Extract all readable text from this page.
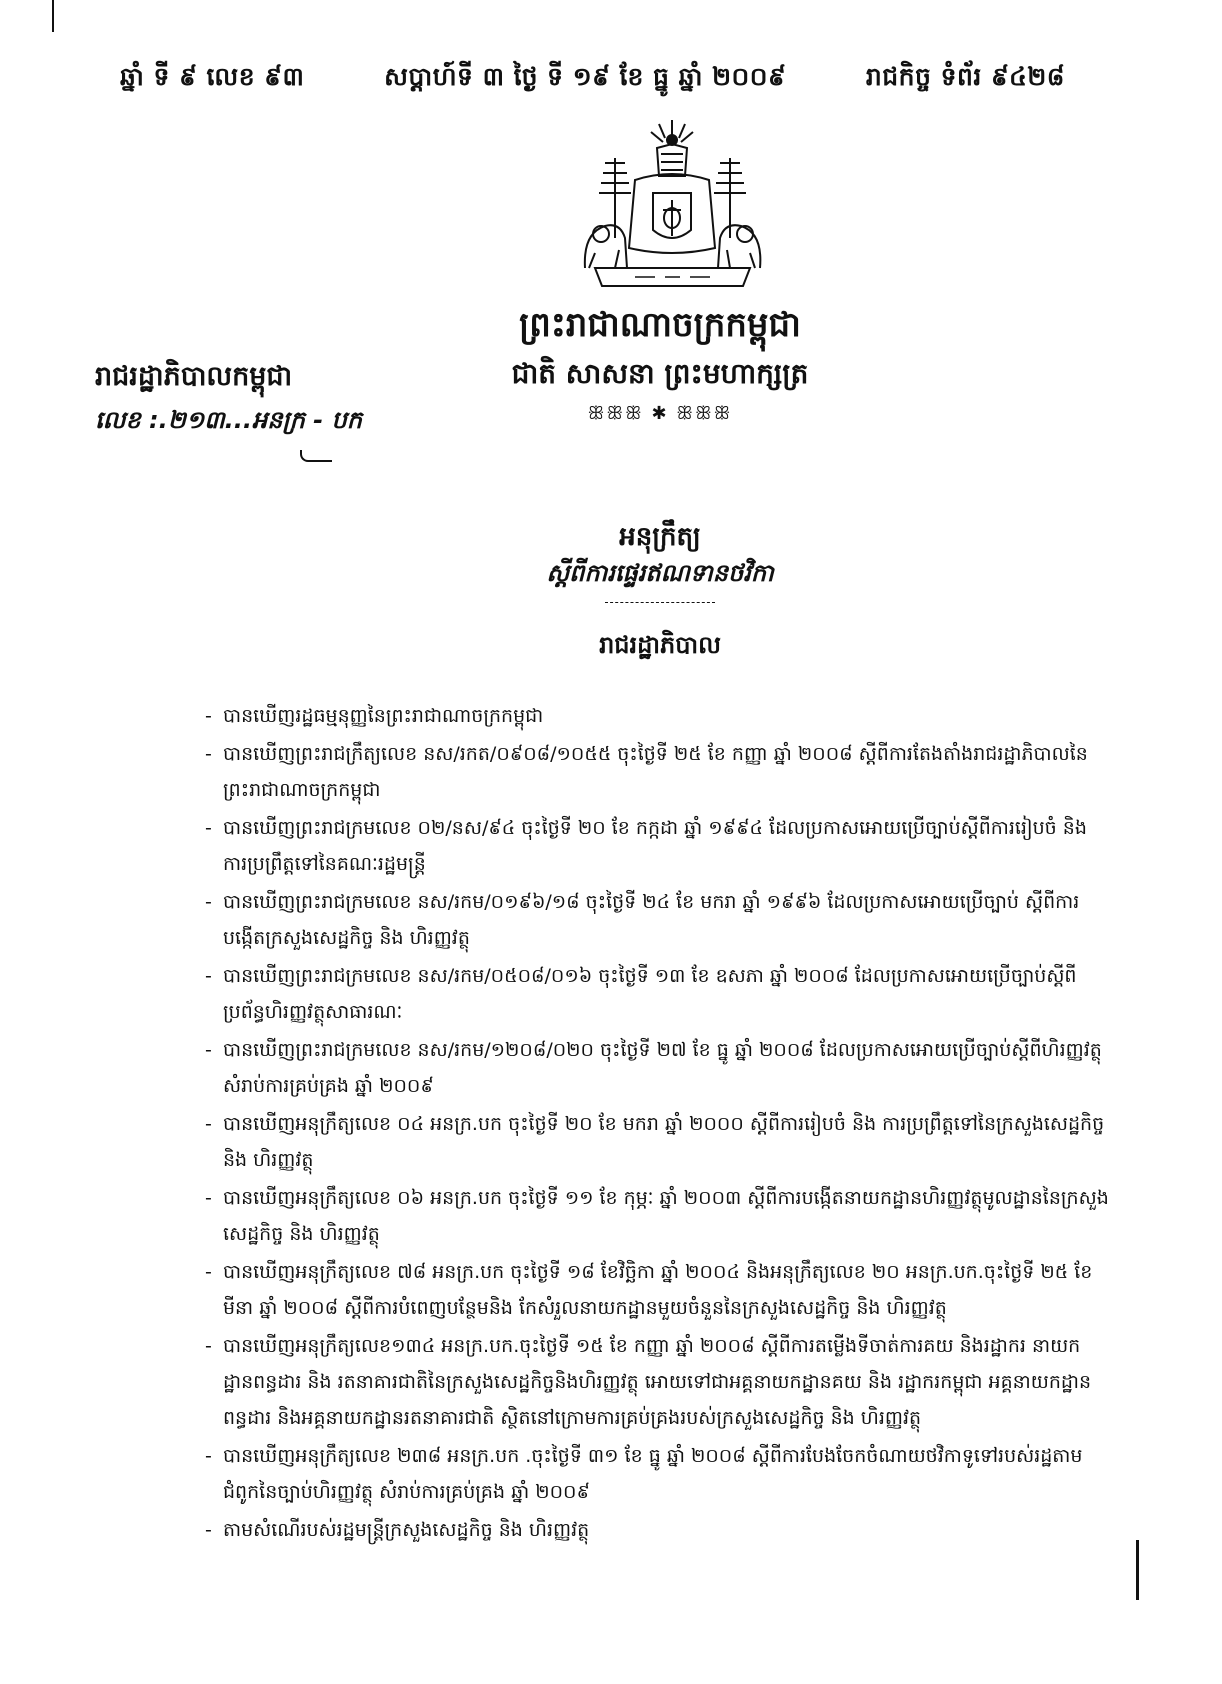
ឆ្នាំ ទី ៩ លេខ ៩៣	សប្តាហ៍ទី ៣ ថ្ងៃ ទី ១៩ ខែ ធ្នូ ឆ្នាំ ២០០៩	រាជកិច្ច ទំព័រ ៩៤២៨
ព្រះរាជាណាចក្រកម្ពុជា
ជាតិ សាសនា ព្រះមហាក្សត្រ
ꕥꕥꕥ ✱ ꕥꕥꕥ
រាជរដ្ឋាភិបាលកម្ពុជា
លេខ :.២១៣...អនក្រ - បក
អនុក្រឹត្យ
ស្តីពីការផ្ទេរឥណទានថវិកា
រាជរដ្ឋាភិបាល
- បានឃើញរដ្ឋធម្មនុញ្ញនៃព្រះរាជាណាចក្រកម្ពុជា
- បានឃើញព្រះរាជក្រឹត្យលេខ នស/រកត/០៩០៨/១០៥៥ ចុះថ្ងៃទី ២៥ ខែ កញ្ញា ឆ្នាំ ២០០៨ ស្តីពីការតែងតាំងរាជរដ្ឋាភិបាលនៃព្រះរាជាណាចក្រកម្ពុជា
- បានឃើញព្រះរាជក្រមលេខ ០២/នស/៩៤ ចុះថ្ងៃទី ២០ ខែ កក្កដា ឆ្នាំ ១៩៩៤ ដែលប្រកាសអោយប្រើច្បាប់ស្តីពីការរៀបចំ និងការប្រព្រឹត្តទៅនៃគណៈរដ្ឋមន្ត្រី
- បានឃើញព្រះរាជក្រមលេខ នស/រកម/០១៩៦/១៨ ចុះថ្ងៃទី ២៤ ខែ មករា ឆ្នាំ ១៩៩៦ ដែលប្រកាសអោយប្រើច្បាប់ ស្តីពីការបង្កើតក្រសួងសេដ្ឋកិច្ច និង ហិរញ្ញវត្ថុ
- បានឃើញព្រះរាជក្រមលេខ នស/រកម/០៥០៨/០១៦ ចុះថ្ងៃទី ១៣ ខែ ឧសភា ឆ្នាំ ២០០៨ ដែលប្រកាសអោយប្រើច្បាប់ស្តីពីប្រព័ន្ធហិរញ្ញវត្ថុសាធារណៈ
- បានឃើញព្រះរាជក្រមលេខ នស/រកម/១២០៨/០២០ ចុះថ្ងៃទី ២៧ ខែ ធ្នូ ឆ្នាំ ២០០៨ ដែលប្រកាសអោយប្រើច្បាប់ស្តីពីហិរញ្ញវត្ថុ សំរាប់ការគ្រប់គ្រង ឆ្នាំ ២០០៩
- បានឃើញអនុក្រឹត្យលេខ ០៤ អនក្រ.បក ចុះថ្ងៃទី ២០ ខែ មករា ឆ្នាំ ២០០០ ស្តីពីការរៀបចំ និង ការប្រព្រឹត្តទៅនៃក្រសួងសេដ្ឋកិច្ច និង ហិរញ្ញវត្ថុ
- បានឃើញអនុក្រឹត្យលេខ ០៦ អនក្រ.បក ចុះថ្ងៃទី ១១ ខែ កុម្ភៈ ឆ្នាំ ២០០៣ ស្តីពីការបង្កើតនាយកដ្ឋានហិរញ្ញវត្ថុមូលដ្ឋាននៃក្រសួងសេដ្ឋកិច្ច និង ហិរញ្ញវត្ថុ
- បានឃើញអនុក្រឹត្យលេខ ៧៨ អនក្រ.បក ចុះថ្ងៃទី ១៨ ខែវិច្ឆិកា ឆ្នាំ ២០០៤ និងអនុក្រឹត្យលេខ ២០ អនក្រ.បក.ចុះថ្ងៃទី ២៥ ខែមីនា ឆ្នាំ ២០០៨ ស្តីពីការបំពេញបន្ថែមនិង កែសំរួលនាយកដ្ឋានមួយចំនួននៃក្រសួងសេដ្ឋកិច្ច និង ហិរញ្ញវត្ថុ
- បានឃើញអនុក្រឹត្យលេខ១៣៤ អនក្រ.បក.ចុះថ្ងៃទី ១៥ ខែ កញ្ញា ឆ្នាំ ២០០៨ ស្តីពីការតម្លើងទីចាត់ការគយ និងរដ្ឋាករ នាយកដ្ឋានពន្ធដារ និង រតនាគារជាតិនៃក្រសួងសេដ្ឋកិច្ចនិងហិរញ្ញវត្ថុ អោយទៅជាអគ្គនាយកដ្ឋានគយ និង រដ្ឋាករកម្ពុជា អគ្គនាយកដ្ឋានពន្ធដារ និងអគ្គនាយកដ្ឋានរតនាគារជាតិ ស្ថិតនៅក្រោមការគ្រប់គ្រងរបស់ក្រសួងសេដ្ឋកិច្ច និង ហិរញ្ញវត្ថុ
- បានឃើញអនុក្រឹត្យលេខ ២៣៨ អនក្រ.បក .ចុះថ្ងៃទី ៣១ ខែ ធ្នូ ឆ្នាំ ២០០៨ ស្តីពីការបែងចែកចំណាយថវិកាទូទៅរបស់រដ្ឋតាមជំពូកនៃច្បាប់ហិរញ្ញវត្ថុ សំរាប់ការគ្រប់គ្រង ឆ្នាំ ២០០៩
- តាមសំណើរបស់រដ្ឋមន្ត្រីក្រសួងសេដ្ឋកិច្ច និង ហិរញ្ញវត្ថុ
